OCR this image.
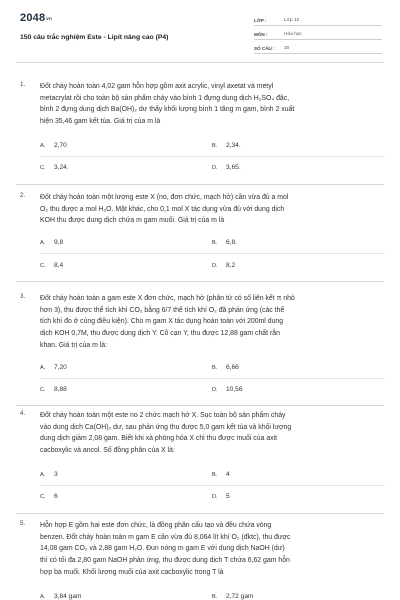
$2048^{vn}$
150 câu trắc nghiệm Este - Lipit nâng cao (P4)
LỚP :	Lớp 12
MÔN :	Hóa học
SỐ CÂU :	20
1. Đốt cháy hoàn toàn 4,02 gam hỗn hợp gồm axit acrylic, vinyl axetat và metyl
metacrylat rồi cho toàn bộ sản phẩm cháy vào bình 1 đựng dung dịch H₂SO₄ đặc,
bình 2 đựng dung dịch Ba(OH)₂ dư thấy khối lượng bình 1 tăng m gam, bình 2 xuất
hiện 35,46 gam kết tủa. Giá trị của m là
A. 2,70	B. 2,34.
C. 3,24.	D. 3,65.
2. Đốt cháy hoàn toàn một lượng este X (no, đơn chức, mạch hở) cần vừa đủ a mol
O₂ thu được a mol H₂O. Mặt khác, cho 0,1 mol X tác dụng vừa đủ với dung dịch
KOH thu được dung dịch chứa m gam muối. Giá trị của m là
A. 9,8	B. 6,8.
C. 8,4	D. 8,2
3. Đốt cháy hoàn toàn a gam este X đơn chức, mạch hở (phân tử có số liên kết π nhỏ
hơn 3), thu được thể tích khí CO₂ bằng 6/7 thể tích khí O₂ đã phản ứng (các thể
tích khí đo ở cùng điều kiện). Cho m gam X tác dụng hoàn toàn với 200ml dung
dịch KOH 0,7M, thu được dung dịch Y. Cô cạn Y, thu được 12,88 gam chất rắn
khan. Giá trị của m là:
A. 7,20	B. 6,66
C. 8,88	D. 10,56
4. Đốt cháy hoàn toàn một este no 2 chức mạch hở X. Sục toàn bộ sản phẩm cháy
vào dung dịch Ca(OH)₂ dư, sau phản ứng thu được 5,0 gam kết tủa và khối lượng
dung dịch giảm 2,08 gam. Biết khi xà phòng hóa X chỉ thu được muối của axit
cacboxylic và ancol. Số đồng phân của X là:
A. 3	B. 4
C. 6	D. 5
5. Hỗn hợp E gồm hai este đơn chức, là đồng phân cấu tạo và đều chứa vòng
benzen. Đốt cháy hoàn toàn m gam E cần vừa đủ 8,064 lít khí O₂ (đktc), thu được
14,08 gam CO₂ và 2,88 gam H₂O. Đun nóng m gam E với dung dịch NaOH (dư)
thì có tối đa 2,80 gam NaOH phản ứng, thu được dung dịch T chứa 6,62 gam hỗn
hợp ba muối. Khối lượng muối của axit cacboxylic trong T là
A. 3,84 gam	B. 2,72 gam
